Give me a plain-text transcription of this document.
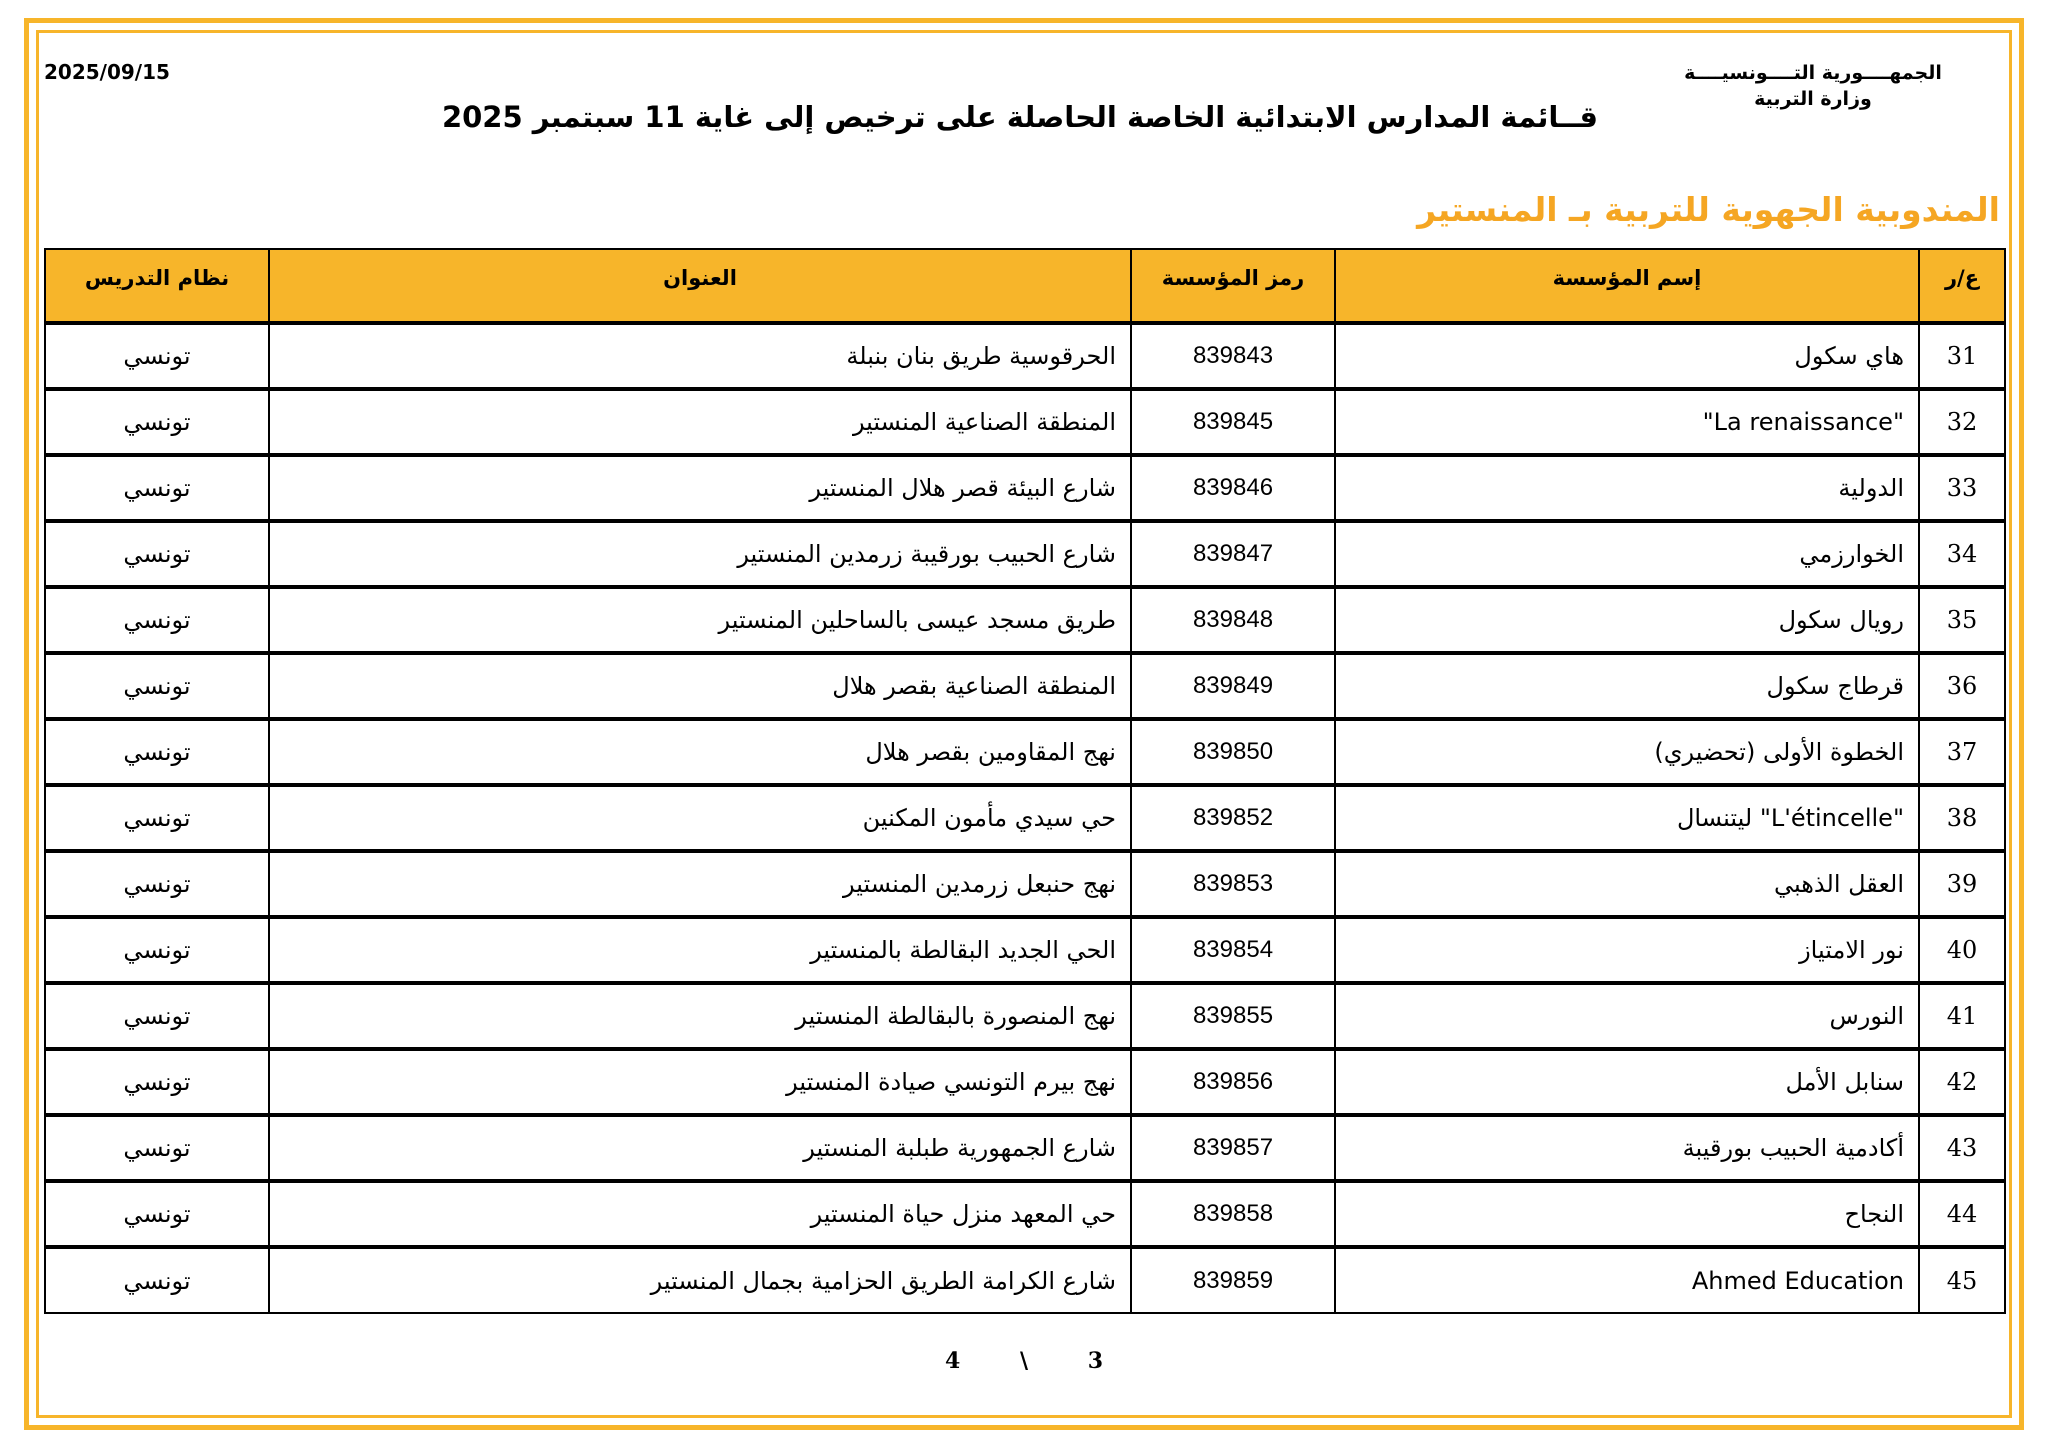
الجمهــــورية التــــونسيــــة
وزارة التربية
2025/09/15
قــائمة المدارس الابتدائية الخاصة الحاصلة على ترخيص إلى غاية 11 سبتمبر 2025
المندوبية الجهوية للتربية بـ المنستير
ع/ر	إسم المؤسسة	رمز المؤسسة	العنوان	نظام التدريس
31	هاي سكول	839843	الحرقوسية طريق بنان بنبلة	تونسي
32	"La renaissance"	839845	المنطقة الصناعية المنستير	تونسي
33	الدولية	839846	شارع البيئة قصر هلال المنستير	تونسي
34	الخوارزمي	839847	شارع الحبيب بورقيبة زرمدين المنستير	تونسي
35	رويال سكول	839848	طريق مسجد عيسى بالساحلين المنستير	تونسي
36	قرطاج سكول	839849	المنطقة الصناعية بقصر هلال	تونسي
37	الخطوة الأولى (تحضيري)	839850	نهج المقاومين بقصر هلال	تونسي
38	"L'étincelle" ليتنسال	839852	حي سيدي مأمون المكنين	تونسي
39	العقل الذهبي	839853	نهج حنبعل زرمدين المنستير	تونسي
40	نور الامتياز	839854	الحي الجديد البقالطة بالمنستير	تونسي
41	النورس	839855	نهج المنصورة بالبقالطة المنستير	تونسي
42	سنابل الأمل	839856	نهج بيرم التونسي صيادة المنستير	تونسي
43	أكادمية الحبيب بورقيبة	839857	شارع الجمهورية طبلبة المنستير	تونسي
44	النجاح	839858	حي المعهد منزل حياة المنستير	تونسي
45	Ahmed Education	839859	شارع الكرامة الطريق الحزامية بجمال المنستير	تونسي
3 \ 4
